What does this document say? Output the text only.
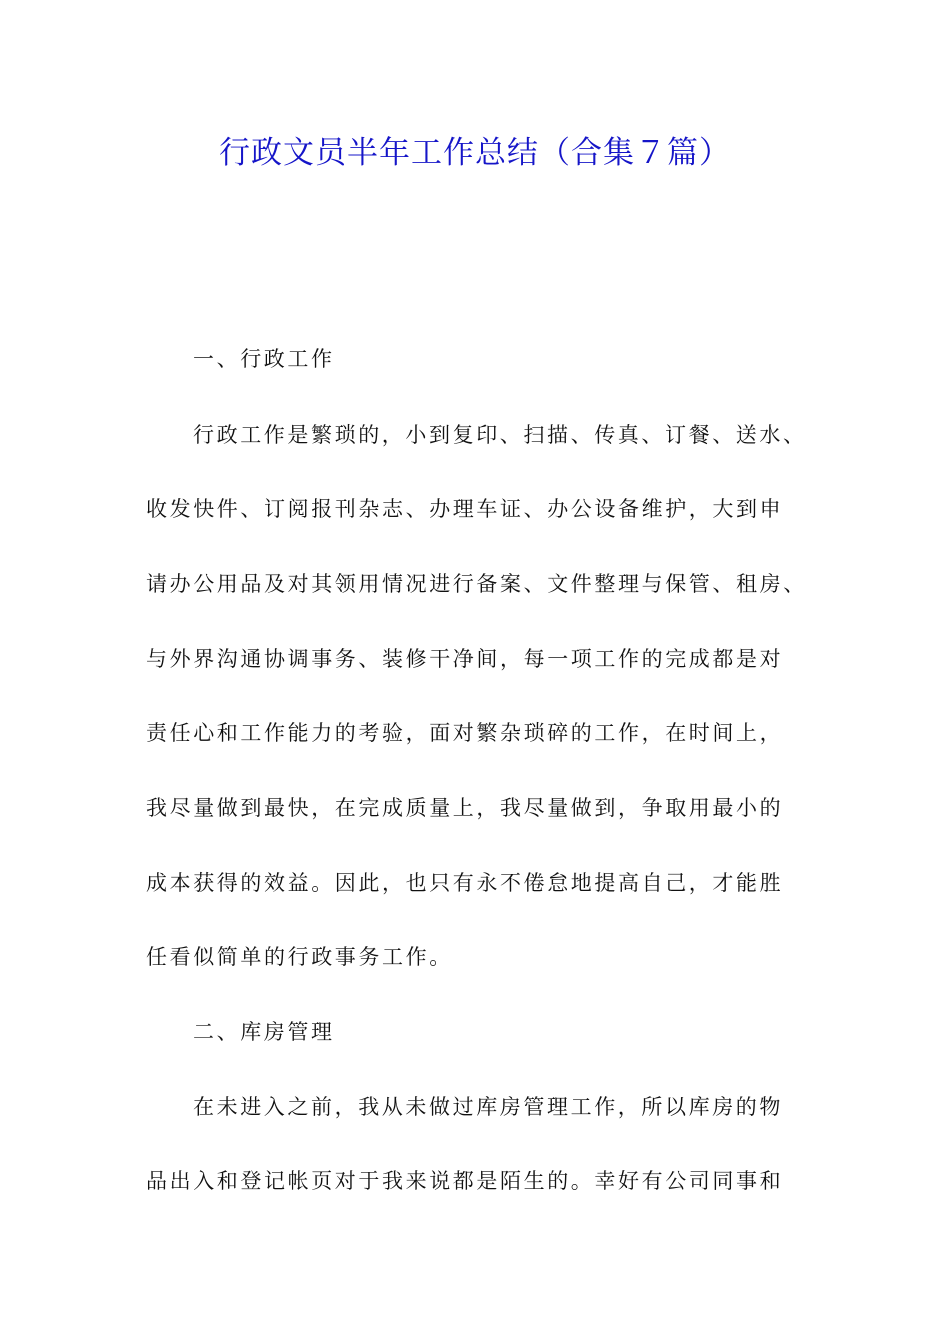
行政文员半年工作总结（合集７篇）
一、行政工作
行政工作是繁琐的，小到复印、扫描、传真、订餐、送水、
收发快件、订阅报刊杂志、办理车证、办公设备维护，大到申
请办公用品及对其领用情况进行备案、文件整理与保管、租房、
与外界沟通协调事务、装修干净间，每一项工作的完成都是对
责任心和工作能力的考验，面对繁杂琐碎的工作，在时间上，
我尽量做到最快，在完成质量上，我尽量做到，争取用最小的
成本获得的效益。因此，也只有永不倦怠地提高自己，才能胜
任看似简单的行政事务工作。
二、库房管理
在未进入之前，我从未做过库房管理工作，所以库房的物
品出入和登记帐页对于我来说都是陌生的。幸好有公司同事和
